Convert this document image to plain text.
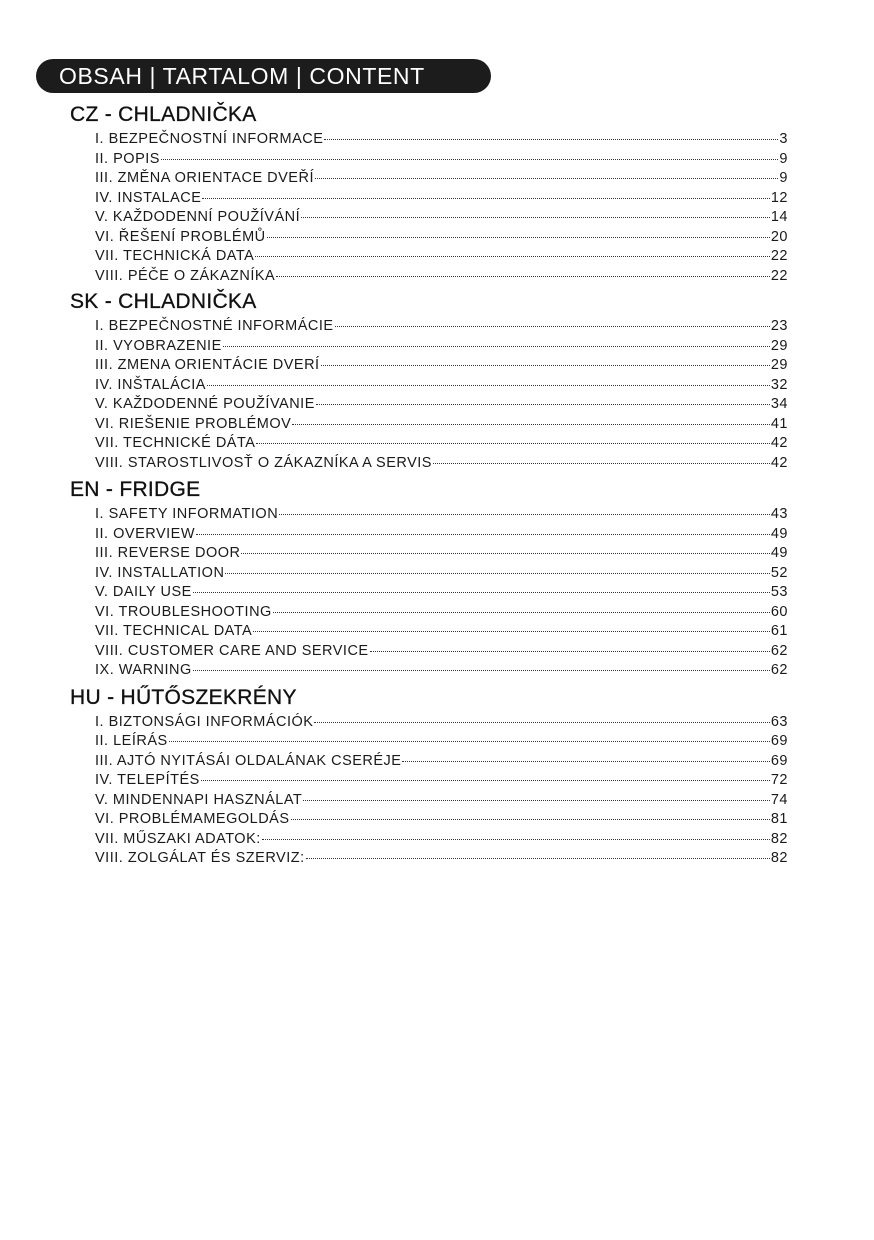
OBSAH | TARTALOM | CONTENT
CZ - CHLADNIČKA
I. BEZPEČNOSTNÍ INFORMACE	3
II. POPIS	9
III. ZMĚNA ORIENTACE DVEŘÍ	9
IV. INSTALACE	12
V. KAŽDODENNÍ POUŽÍVÁNÍ	14
VI. ŘEŠENÍ PROBLÉMŮ	20
VII. TECHNICKÁ DATA	22
VIII. PÉČE O ZÁKAZNÍKA	22
SK - CHLADNIČKA
I. BEZPEČNOSTNÉ INFORMÁCIE	23
II. VYOBRAZENIE	29
III. ZMENA ORIENTÁCIE DVERÍ	29
IV. INŠTALÁCIA	32
V. KAŽDODENNÉ POUŽÍVANIE	34
VI. RIEŠENIE PROBLÉMOV	41
VII. TECHNICKÉ DÁTA	42
VIII. STAROSTLIVOSŤ O ZÁKAZNÍKA A SERVIS	42
EN - FRIDGE
I. SAFETY INFORMATION	43
II. OVERVIEW	49
III. REVERSE DOOR	49
IV. INSTALLATION	52
V. DAILY USE	53
VI. TROUBLESHOOTING	60
VII. TECHNICAL DATA	61
VIII. CUSTOMER CARE AND SERVICE	62
IX. WARNING	62
HU - HŰTŐSZEKRÉNY
I. BIZTONSÁGI INFORMÁCIÓK	63
II. LEÍRÁS	69
III. AJTÓ NYITÁSÁI OLDALÁNAK CSERÉJE	69
IV. TELEPÍTÉS	72
V. MINDENNAPI HASZNÁLAT	74
VI. PROBLÉMAMEGOLDÁS	81
VII. MŰSZAKI ADATOK:	82
VIII. ZOLGÁLAT ÉS SZERVIZ:	82
